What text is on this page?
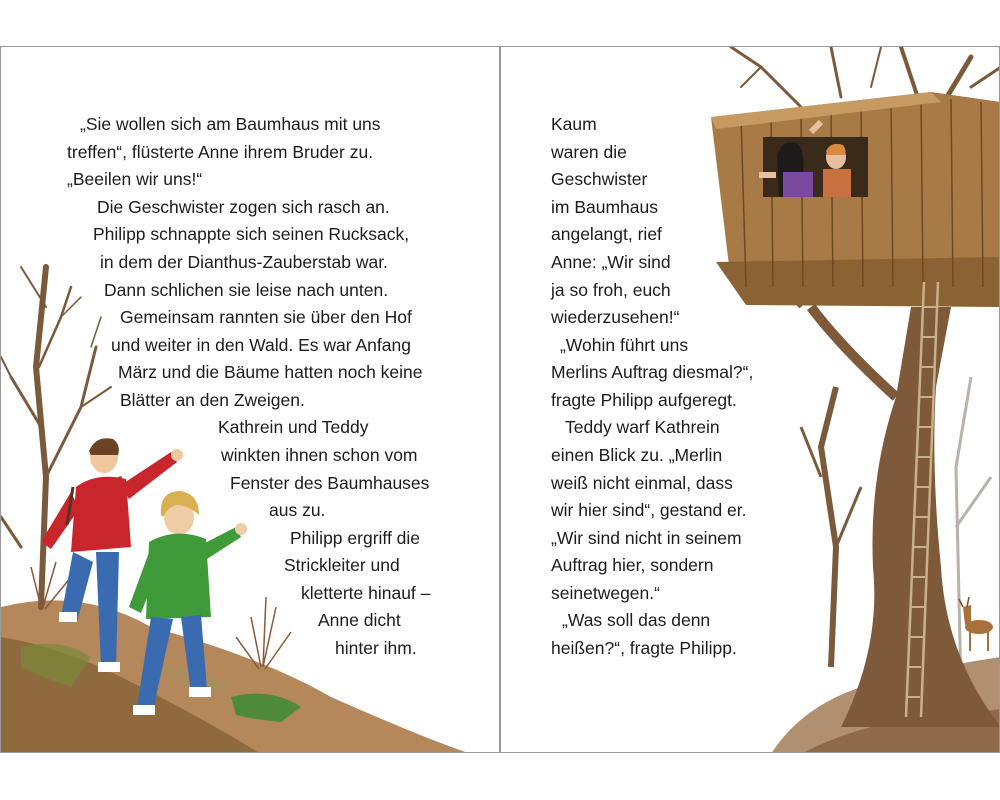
„Sie wollen sich am Baumhaus mit uns
treffen“, flüsterte Anne ihrem Bruder zu.
„Beeilen wir uns!“
Die Geschwister zogen sich rasch an.
Philipp schnappte sich seinen Rucksack,
in dem der Dianthus-Zauberstab war.
Dann schlichen sie leise nach unten.
Gemeinsam rannten sie über den Hof
und weiter in den Wald. Es war Anfang
März und die Bäume hatten noch keine
Blätter an den Zweigen.
Kathrein und Teddy
winkten ihnen schon vom
Fenster des Baumhauses
aus zu.
Philipp ergriff die
Strickleiter und
kletterte hinauf –
Anne dicht
hinter ihm.
Kaum
waren die
Geschwister
im Baumhaus
angelangt, rief
Anne: „Wir sind
ja so froh, euch
wiederzusehen!“
„Wohin führt uns
Merlins Auftrag diesmal?“,
fragte Philipp aufgeregt.
Teddy warf Kathrein
einen Blick zu. „Merlin
weiß nicht einmal, dass
wir hier sind“, gestand er.
„Wir sind nicht in seinem
Auftrag hier, sondern
seinetwegen.“
„Was soll das denn
heißen?“, fragte Philipp.
